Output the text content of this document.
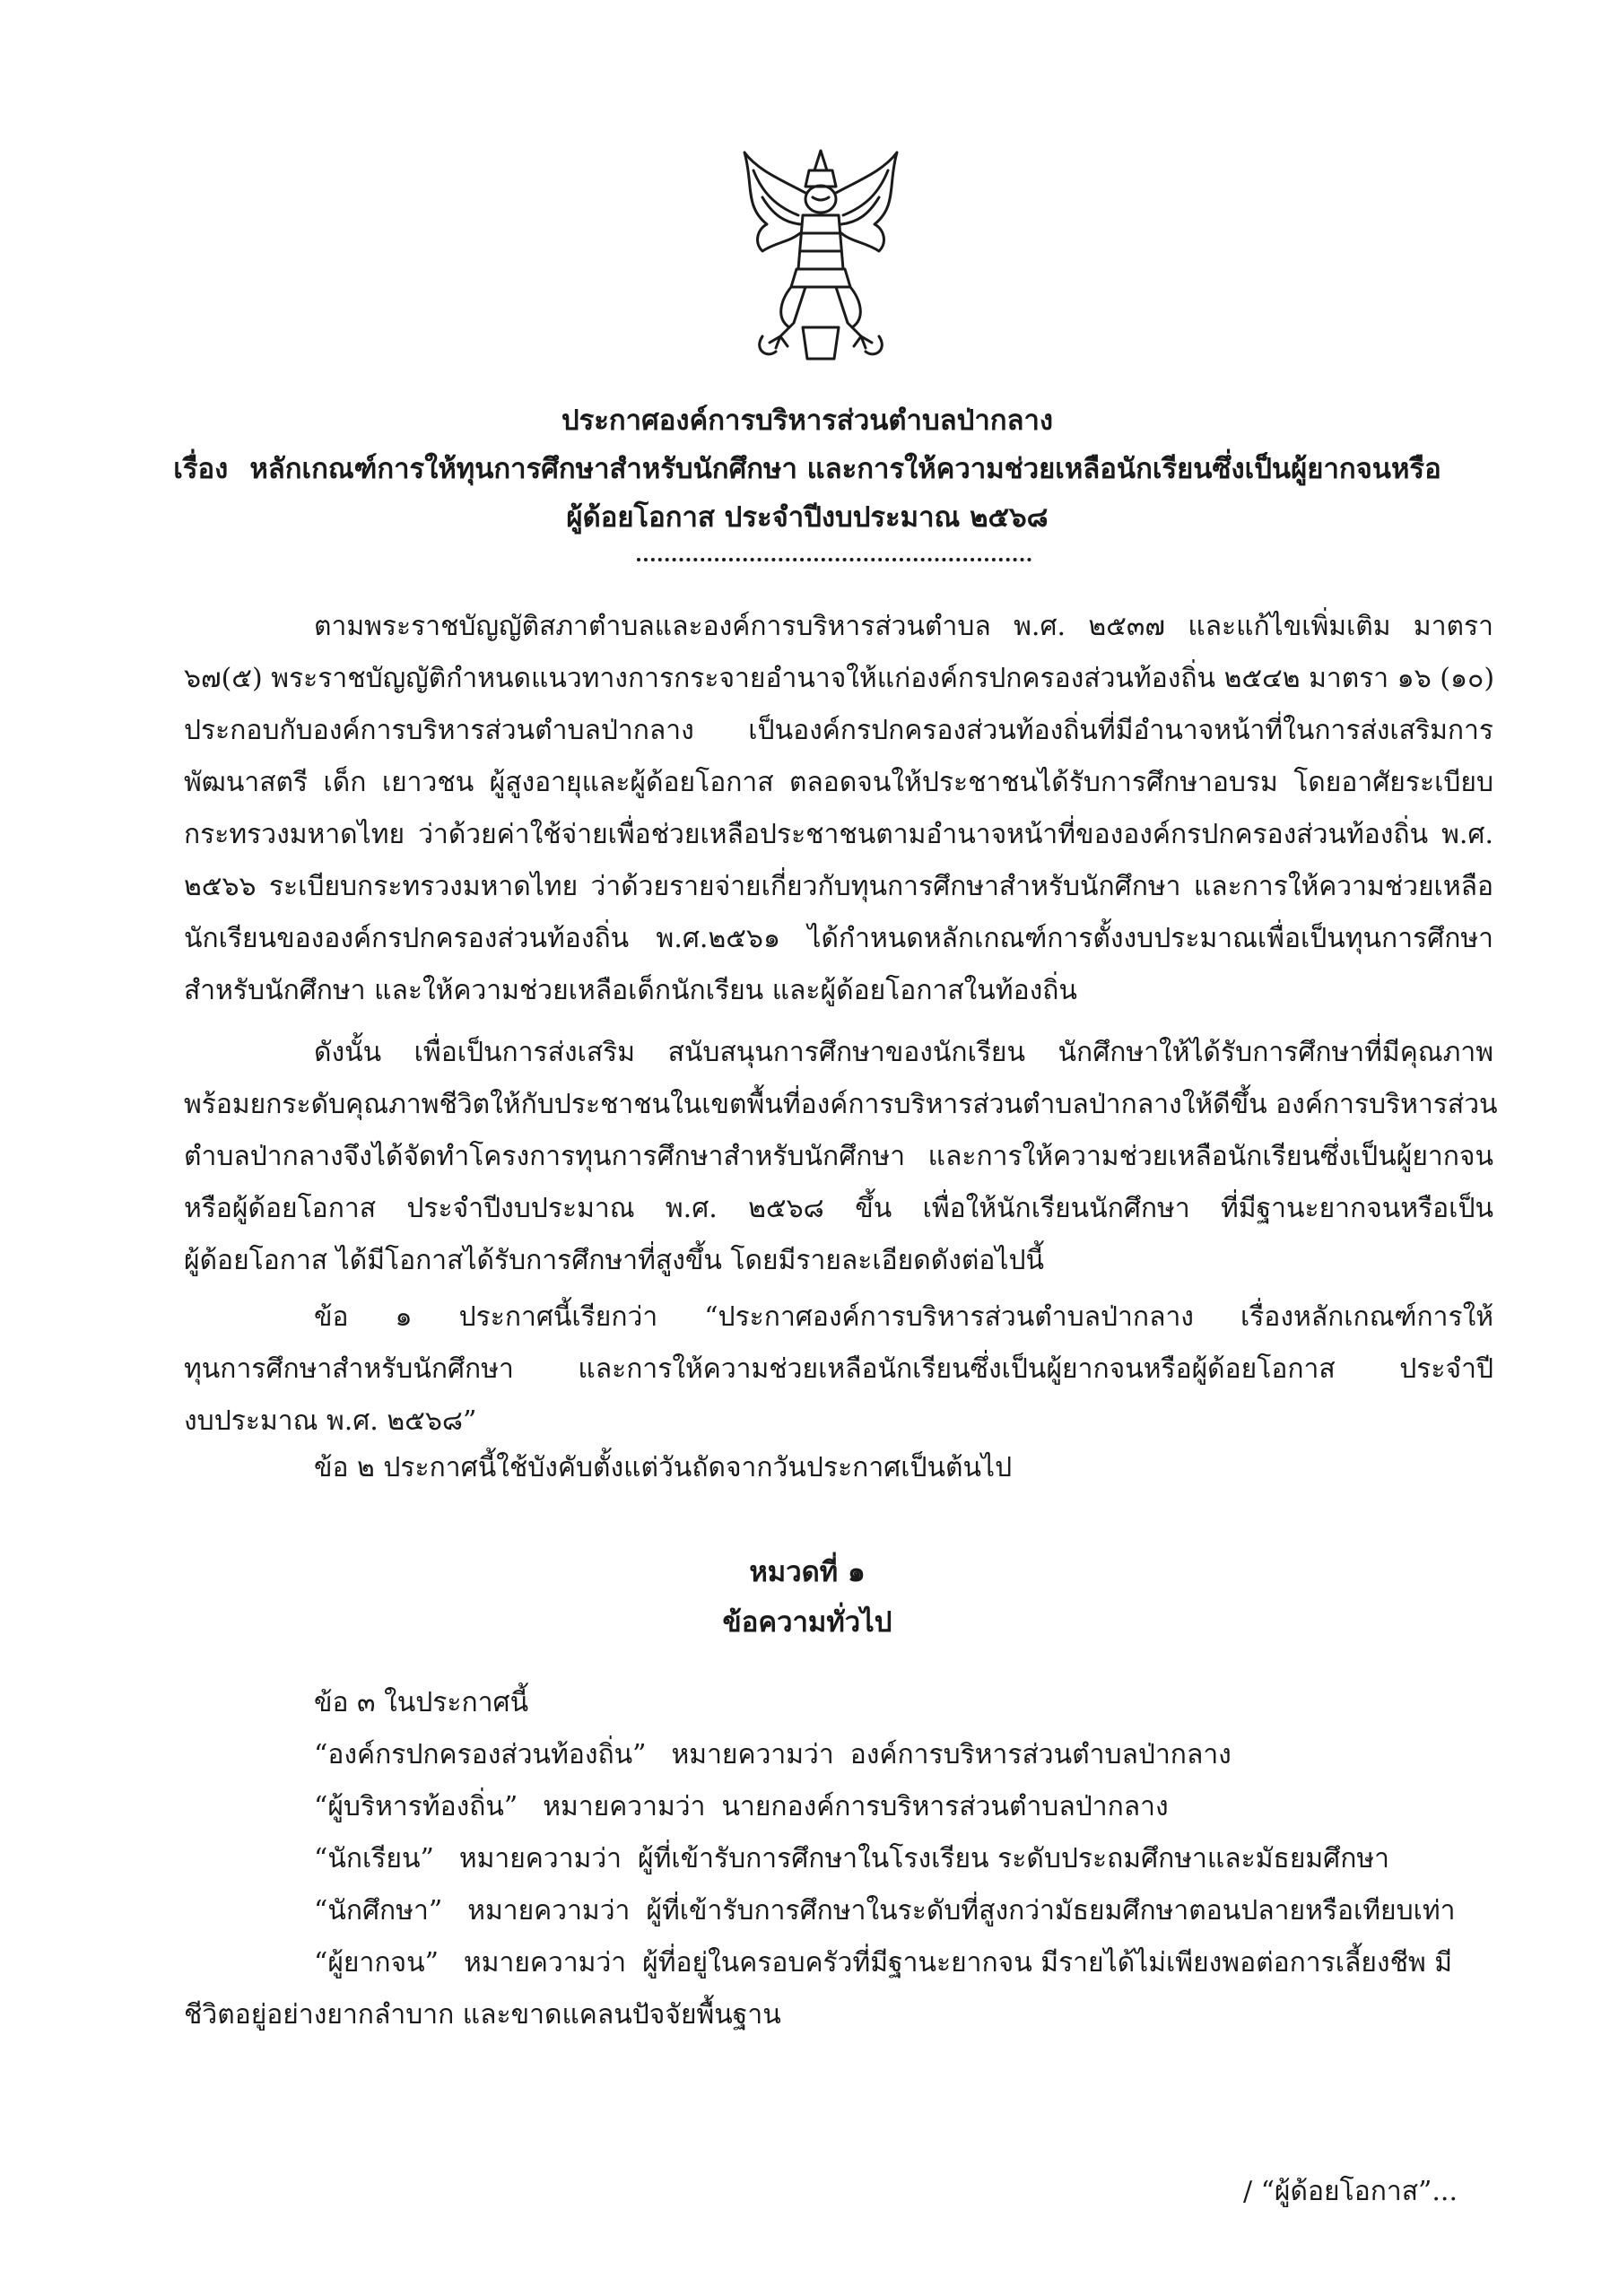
ประกาศองค์การบริหารส่วนตำบลป่ากลาง
เรื่อง หลักเกณฑ์การให้ทุนการศึกษาสำหรับนักศึกษา และการให้ความช่วยเหลือนักเรียนซึ่งเป็นผู้ยากจนหรือ
ผู้ด้อยโอกาส ประจำปีงบประมาณ ๒๕๖๘
ตามพระราชบัญญัติสภาตำบลและองค์การบริหารส่วนตำบล พ.ศ. ๒๕๓๗ และแก้ไขเพิ่มเติม มาตรา
๖๗(๕) พระราชบัญญัติกำหนดแนวทางการกระจายอำนาจให้แก่องค์กรปกครองส่วนท้องถิ่น ๒๕๔๒ มาตรา ๑๖ (๑๐)
ประกอบกับองค์การบริหารส่วนตำบลป่ากลาง เป็นองค์กรปกครองส่วนท้องถิ่นที่มีอำนาจหน้าที่ในการส่งเสริมการ
พัฒนาสตรี เด็ก เยาวชน ผู้สูงอายุและผู้ด้อยโอกาส ตลอดจนให้ประชาชนได้รับการศึกษาอบรม โดยอาศัยระเบียบ
กระทรวงมหาดไทย ว่าด้วยค่าใช้จ่ายเพื่อช่วยเหลือประชาชนตามอำนาจหน้าที่ขององค์กรปกครองส่วนท้องถิ่น พ.ศ.
๒๕๖๖ ระเบียบกระทรวงมหาดไทย ว่าด้วยรายจ่ายเกี่ยวกับทุนการศึกษาสำหรับนักศึกษา และการให้ความช่วยเหลือ
นักเรียนขององค์กรปกครองส่วนท้องถิ่น พ.ศ.๒๕๖๑ ได้กำหนดหลักเกณฑ์การตั้งงบประมาณเพื่อเป็นทุนการศึกษา
สำหรับนักศึกษา และให้ความช่วยเหลือเด็กนักเรียน และผู้ด้อยโอกาสในท้องถิ่น
ดังนั้น เพื่อเป็นการส่งเสริม สนับสนุนการศึกษาของนักเรียน นักศึกษาให้ได้รับการศึกษาที่มีคุณภาพ
พร้อมยกระดับคุณภาพชีวิตให้กับประชาชนในเขตพื้นที่องค์การบริหารส่วนตำบลป่ากลางให้ดีขึ้น องค์การบริหารส่วน
ตำบลป่ากลางจึงได้จัดทำโครงการทุนการศึกษาสำหรับนักศึกษา และการให้ความช่วยเหลือนักเรียนซึ่งเป็นผู้ยากจน
หรือผู้ด้อยโอกาส ประจำปีงบประมาณ พ.ศ. ๒๕๖๘ ขึ้น เพื่อให้นักเรียนนักศึกษา ที่มีฐานะยากจนหรือเป็น
ผู้ด้อยโอกาส ได้มีโอกาสได้รับการศึกษาที่สูงขึ้น โดยมีรายละเอียดดังต่อไปนี้
ข้อ ๑ ประกาศนี้เรียกว่า “ประกาศองค์การบริหารส่วนตำบลป่ากลาง เรื่องหลักเกณฑ์การให้
ทุนการศึกษาสำหรับนักศึกษา และการให้ความช่วยเหลือนักเรียนซึ่งเป็นผู้ยากจนหรือผู้ด้อยโอกาส ประจำปี
งบประมาณ พ.ศ. ๒๕๖๘”
ข้อ ๒ ประกาศนี้ใช้บังคับตั้งแต่วันถัดจากวันประกาศเป็นต้นไป
หมวดที่ ๑
ข้อความทั่วไป
ข้อ ๓ ในประกาศนี้
“องค์กรปกครองส่วนท้องถิ่น” หมายความว่า องค์การบริหารส่วนตำบลป่ากลาง
“ผู้บริหารท้องถิ่น” หมายความว่า นายกองค์การบริหารส่วนตำบลป่ากลาง
“นักเรียน” หมายความว่า ผู้ที่เข้ารับการศึกษาในโรงเรียน ระดับประถมศึกษาและมัธยมศึกษา
“นักศึกษา” หมายความว่า ผู้ที่เข้ารับการศึกษาในระดับที่สูงกว่ามัธยมศึกษาตอนปลายหรือเทียบเท่า
“ผู้ยากจน” หมายความว่า ผู้ที่อยู่ในครอบครัวที่มีฐานะยากจน มีรายได้ไม่เพียงพอต่อการเลี้ยงชีพ มี
ชีวิตอยู่อย่างยากลำบาก และขาดแคลนปัจจัยพื้นฐาน
/ “ผู้ด้อยโอกาส”...
